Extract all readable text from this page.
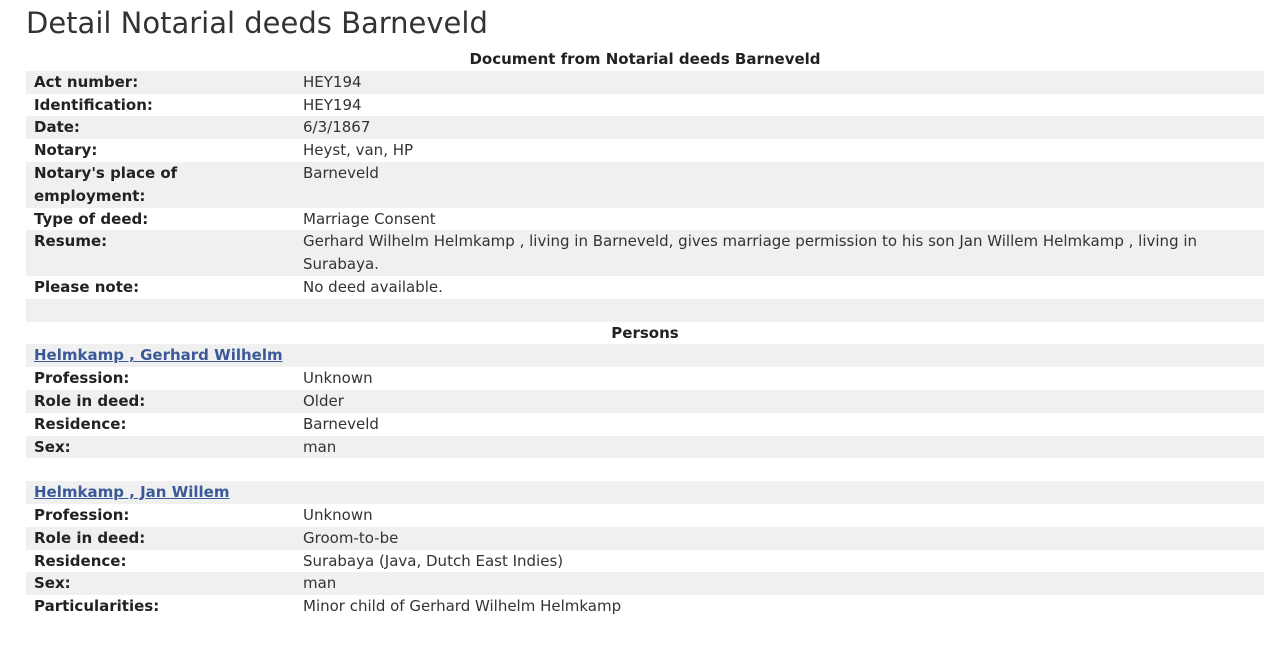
Detail Notarial deeds Barneveld
Document from Notarial deeds Barneveld	
Act number:	HEY194
Identification:	HEY194
Date:	6/3/1867
Notary:	Heyst, van, HP
Notary's place of employment:	Barneveld
Type of deed:	Marriage Consent
Resume:	Gerhard Wilhelm Helmkamp , living in Barneveld, gives marriage permission to his son Jan Willem Helmkamp , living in Surabaya.
Please note:	No deed available.

Persons	
Helmkamp , Gerhard Wilhelm	
Profession:	Unknown
Role in deed:	Older
Residence:	Barneveld
Sex:	man

Helmkamp , Jan Willem	
Profession:	Unknown
Role in deed:	Groom-to-be
Residence:	Surabaya (Java, Dutch East Indies)
Sex:	man
Particularities:	Minor child of Gerhard Wilhelm Helmkamp
